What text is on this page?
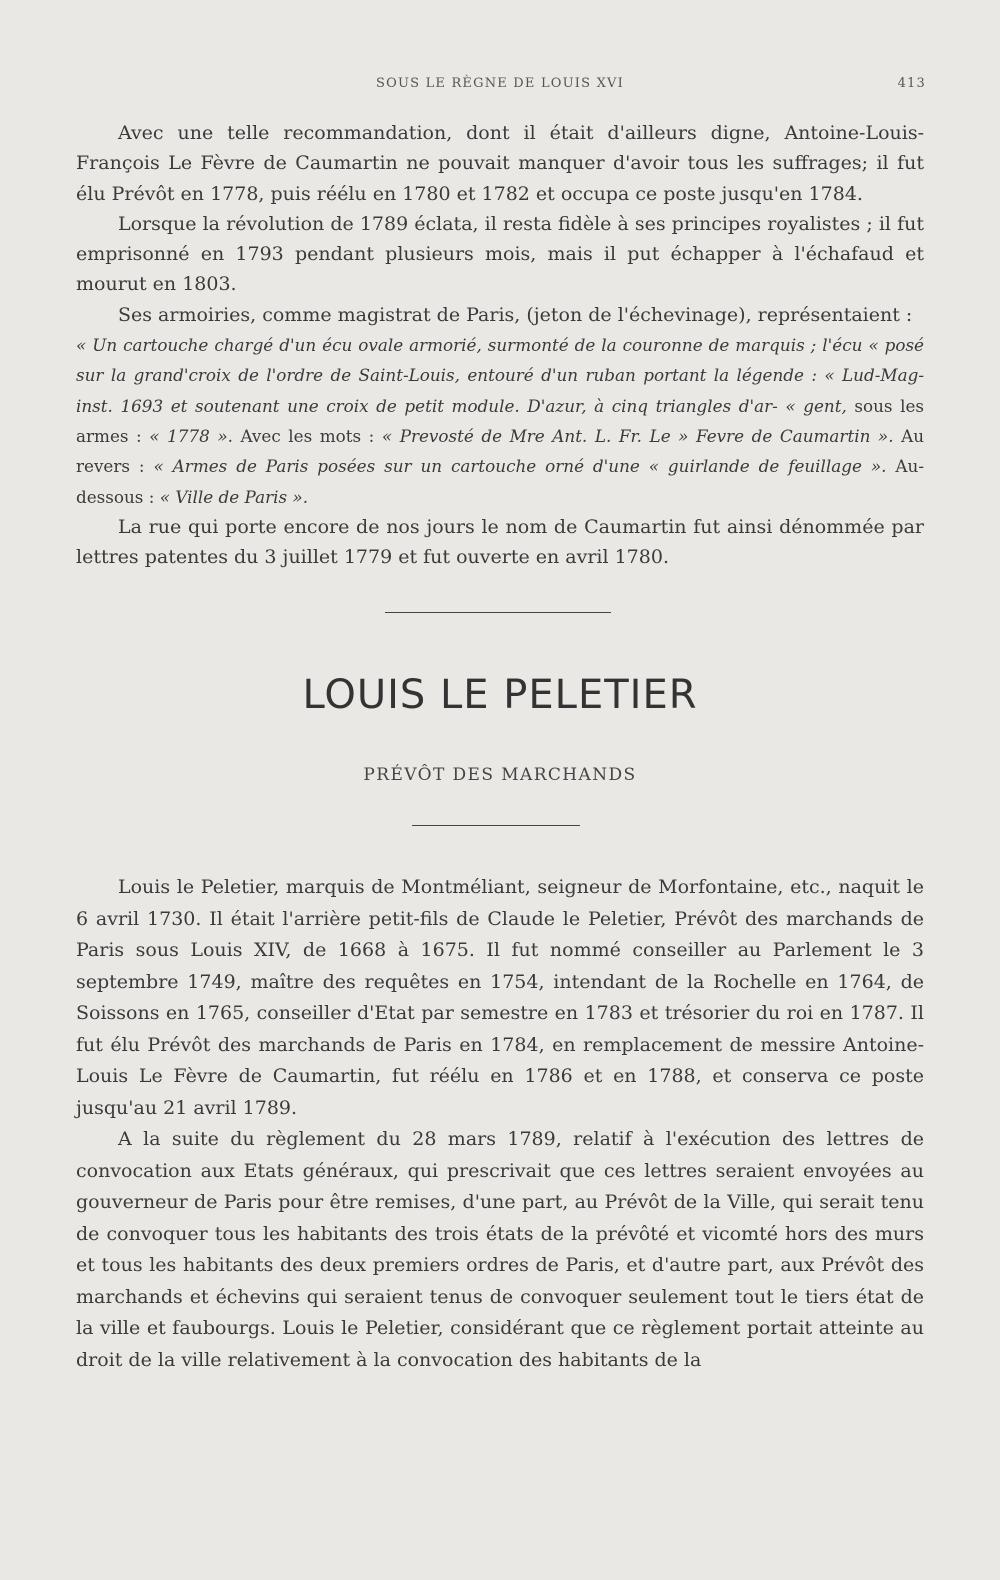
SOUS LE RÈGNE DE LOUIS XVI	413

Avec une telle recommandation, dont il était d'ailleurs digne, Antoine-Louis-François Le Fèvre de Caumartin ne pouvait manquer d'avoir tous les suffrages; il fut élu Prévôt en 1778, puis réélu en 1780 et 1782 et occupa ce poste jusqu'en 1784.

Lorsque la révolution de 1789 éclata, il resta fidèle à ses principes royalistes ; il fut emprisonné en 1793 pendant plusieurs mois, mais il put échapper à l'échafaud et mourut en 1803.

Ses armoiries, comme magistrat de Paris, (jeton de l'échevinage), représentaient :

« Un cartouche chargé d'un écu ovale armorié, surmonté de la couronne de marquis ; l'écu « posé sur la grand'croix de l'ordre de Saint-Louis, entouré d'un ruban portant la légende : « Lud-Mag-inst. 1693 et soutenant une croix de petit module. D'azur, à cinq triangles d'ar- « gent, sous les armes : « 1778 ». Avec les mots : « Prevosté de Mre Ant. L. Fr. Le » Fevre de Caumartin ». Au revers : « Armes de Paris posées sur un cartouche orné d'une « guirlande de feuillage ». Au-dessous : « Ville de Paris ».

La rue qui porte encore de nos jours le nom de Caumartin fut ainsi dénommée par lettres patentes du 3 juillet 1779 et fut ouverte en avril 1780.

LOUIS LE PELETIER
PRÉVÔT DES MARCHANDS

Louis le Peletier, marquis de Montméliant, seigneur de Morfontaine, etc., naquit le 6 avril 1730. Il était l'arrière petit-fils de Claude le Peletier, Prévôt des marchands de Paris sous Louis XIV, de 1668 à 1675. Il fut nommé conseiller au Parlement le 3 septembre 1749, maître des requêtes en 1754, intendant de la Rochelle en 1764, de Soissons en 1765, conseiller d'Etat par semestre en 1783 et trésorier du roi en 1787. Il fut élu Prévôt des marchands de Paris en 1784, en remplacement de messire Antoine-Louis Le Fèvre de Caumartin, fut réélu en 1786 et en 1788, et conserva ce poste jusqu'au 21 avril 1789.

A la suite du règlement du 28 mars 1789, relatif à l'exécution des lettres de convocation aux Etats généraux, qui prescrivait que ces lettres seraient envoyées au gouverneur de Paris pour être remises, d'une part, au Prévôt de la Ville, qui serait tenu de convoquer tous les habitants des trois états de la prévôté et vicomté hors des murs et tous les habitants des deux premiers ordres de Paris, et d'autre part, aux Prévôt des marchands et échevins qui seraient tenus de convoquer seulement tout le tiers état de la ville et faubourgs. Louis le Peletier, considérant que ce règlement portait atteinte au droit de la ville relativement à la convocation des habitants de la
